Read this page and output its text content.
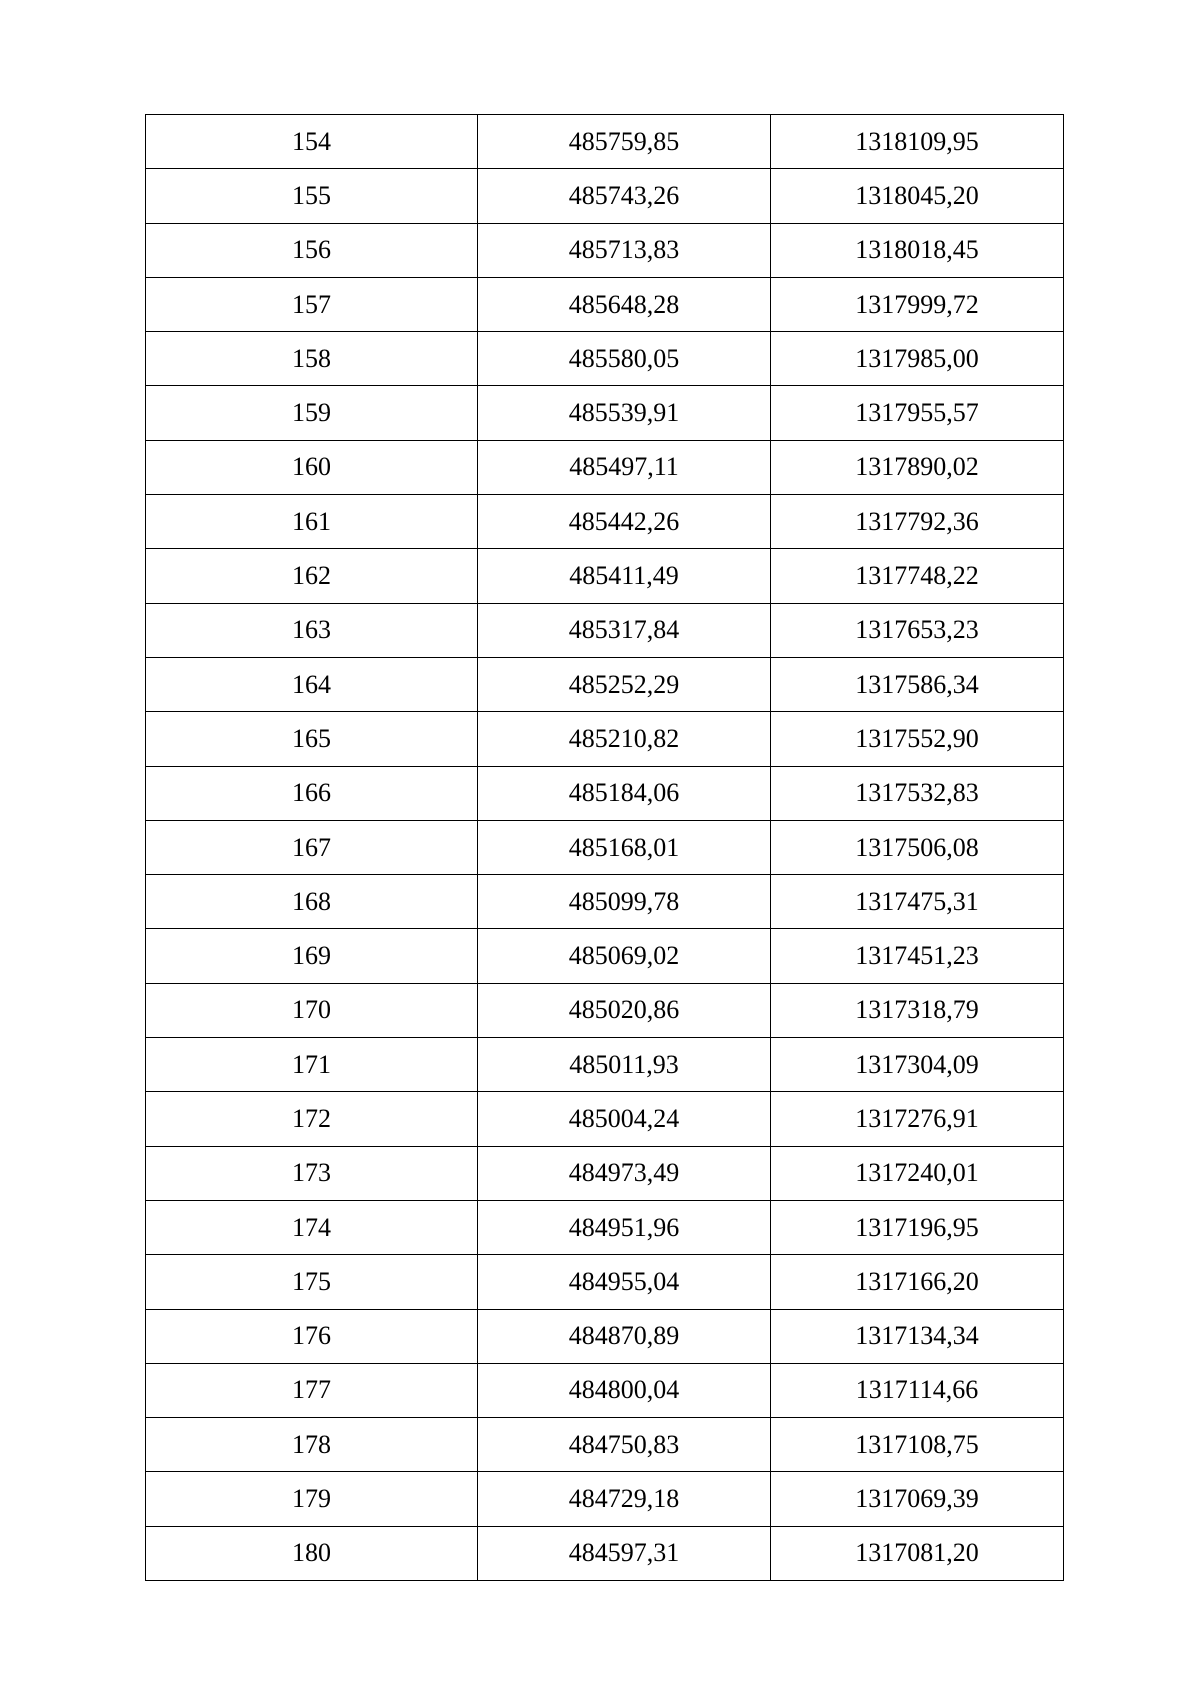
154	485759,85	1318109,95
155	485743,26	1318045,20
156	485713,83	1318018,45
157	485648,28	1317999,72
158	485580,05	1317985,00
159	485539,91	1317955,57
160	485497,11	1317890,02
161	485442,26	1317792,36
162	485411,49	1317748,22
163	485317,84	1317653,23
164	485252,29	1317586,34
165	485210,82	1317552,90
166	485184,06	1317532,83
167	485168,01	1317506,08
168	485099,78	1317475,31
169	485069,02	1317451,23
170	485020,86	1317318,79
171	485011,93	1317304,09
172	485004,24	1317276,91
173	484973,49	1317240,01
174	484951,96	1317196,95
175	484955,04	1317166,20
176	484870,89	1317134,34
177	484800,04	1317114,66
178	484750,83	1317108,75
179	484729,18	1317069,39
180	484597,31	1317081,20
